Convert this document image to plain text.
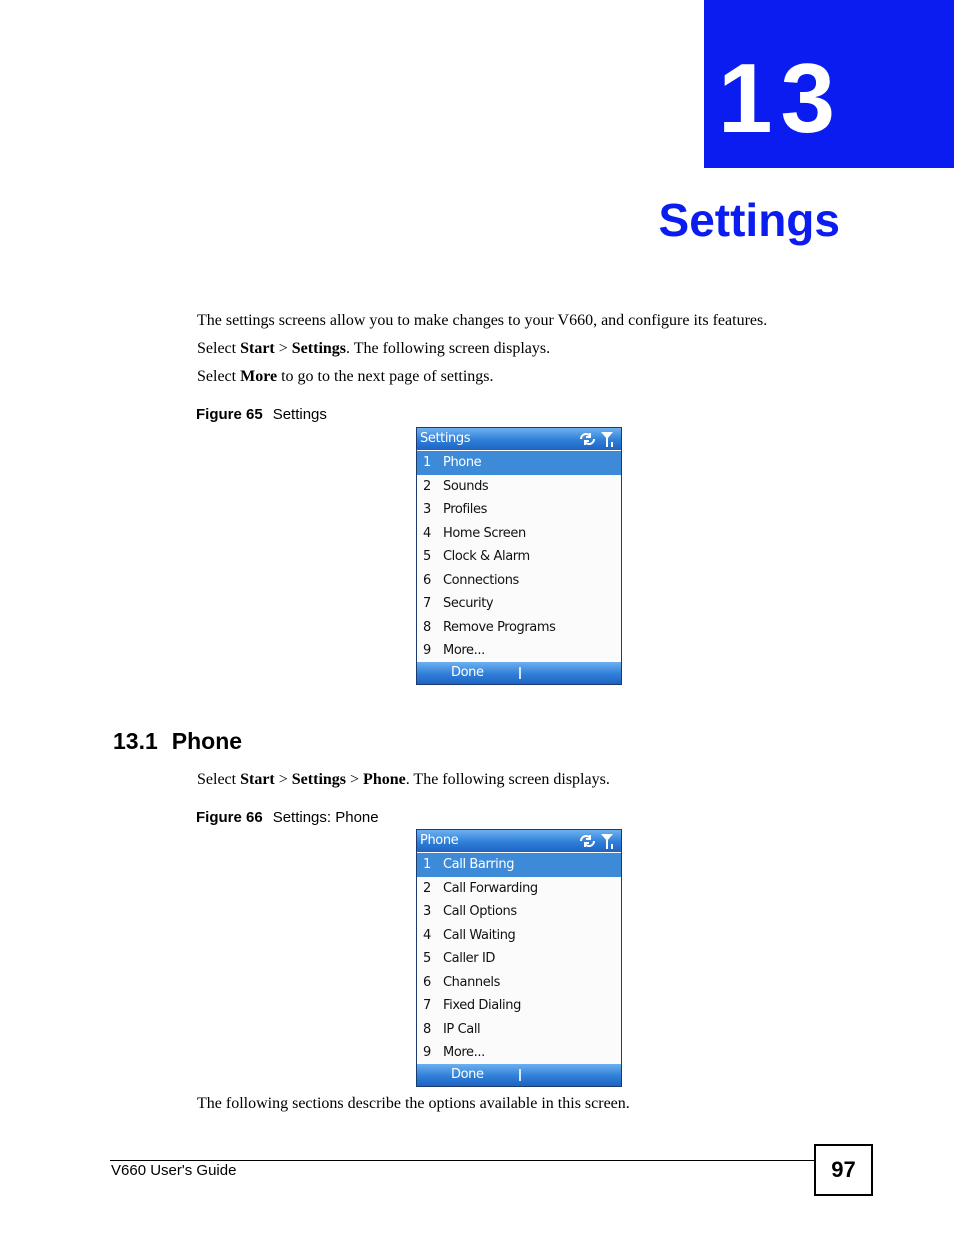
13
Settings
The settings screens allow you to make changes to your V660, and configure its features.
Select Start > Settings. The following screen displays.
Select More to go to the next page of settings.
Figure 65 Settings
Settings
1 Phone
2 Sounds
3 Profiles
4 Home Screen
5 Clock & Alarm
6 Connections
7 Security
8 Remove Programs
9 More...
Done
13.1 Phone
Select Start > Settings > Phone. The following screen displays.
Figure 66 Settings: Phone
Phone
1 Call Barring
2 Call Forwarding
3 Call Options
4 Call Waiting
5 Caller ID
6 Channels
7 Fixed Dialing
8 IP Call
9 More...
Done
The following sections describe the options available in this screen.
V660 User's Guide	97
